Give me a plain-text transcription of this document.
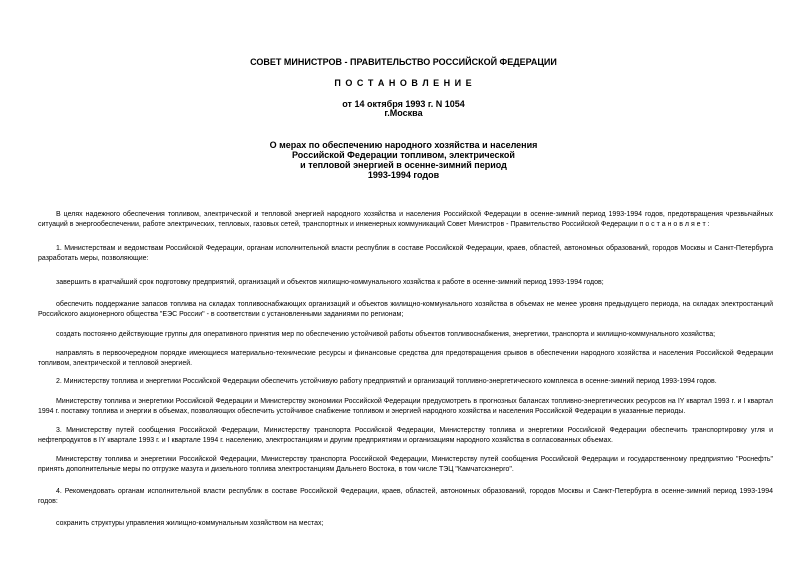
СОВЕТ МИНИСТРОВ - ПРАВИТЕЛЬСТВО РОССИЙСКОЙ ФЕДЕРАЦИИ
П О С Т А Н О В Л Е Н И Е
от 14 октября 1993 г. N 1054
г.Москва
О мерах по обеспечению народного хозяйства и населения
Российской Федерации топливом, электрической
и тепловой энергией в осенне-зимний период
1993-1994 годов

В целях надежного обеспечения топливом, электрической и тепловой энергией народного хозяйства и населения Российской Федерации в осенне-зимний период 1993-1994 годов, предотвращения чрезвычайных ситуаций в энергообеспечении, работе электрических, тепловых, газовых сетей, транспортных и инженерных коммуникаций Совет Министров - Правительство Российской Федерации п о с т а н о в л я е т :

1. Министерствам и ведомствам Российской Федерации, органам исполнительной власти республик в составе Российской Федерации, краев, областей, автономных образований, городов Москвы и Санкт-Петербурга разработать меры, позволяющие:

завершить в кратчайший срок подготовку предприятий, организаций и объектов жилищно-коммунального хозяйства к работе в осенне-зимний период 1993-1994 годов;

обеспечить поддержание запасов топлива на складах топливоснабжающих организаций и объектов жилищно-коммунального хозяйства в объемах не менее уровня предыдущего периода, на складах электростанций Российского акционерного общества "ЕЭС России" - в соответствии с установленными заданиями по регионам;

создать постоянно действующие группы для оперативного принятия мер по обеспечению устойчивой работы объектов топливоснабжения, энергетики, транспорта и жилищно-коммунального хозяйства;

направлять в первоочередном порядке имеющиеся материально-технические ресурсы и финансовые средства для предотвращения срывов в обеспечении народного хозяйства и населения Российской Федерации топливом, электрической и тепловой энергией.

2. Министерству топлива и энергетики Российской Федерации обеспечить устойчивую работу предприятий и организаций топливно-энергетического комплекса в осенне-зимний период 1993-1994 годов.

Министерству топлива и энергетики Российской Федерации и Министерству экономики Российской Федерации предусмотреть в прогнозных балансах топливно-энергетических ресурсов на IY квартал 1993 г. и I квартал 1994 г. поставку топлива и энергии в объемах, позволяющих обеспечить устойчивое снабжение топливом и энергией народного хозяйства и населения Российской Федерации в указанные периоды.

3. Министерству путей сообщения Российской Федерации, Министерству транспорта Российской Федерации, Министерству топлива и энергетики Российской Федерации обеспечить транспортировку угля и нефтепродуктов в IY квартале 1993 г. и I квартале 1994 г. населению, электростанциям и другим предприятиям и организациям народного хозяйства в согласованных объемах.

Министерству топлива и энергетики Российской Федерации, Министерству транспорта Российской Федерации, Министерству путей сообщения Российской Федерации и государственному предприятию "Роснефть" принять дополнительные меры по отгрузке мазута и дизельного топлива электростанциям Дальнего Востока, в том числе ТЭЦ "Камчатскэнерго".

4. Рекомендовать органам исполнительной власти республик в составе Российской Федерации, краев, областей, автономных образований, городов Москвы и Санкт-Петербурга в осенне-зимний период 1993-1994 годов:

сохранить структуры управления жилищно-коммунальным хозяйством на местах;
